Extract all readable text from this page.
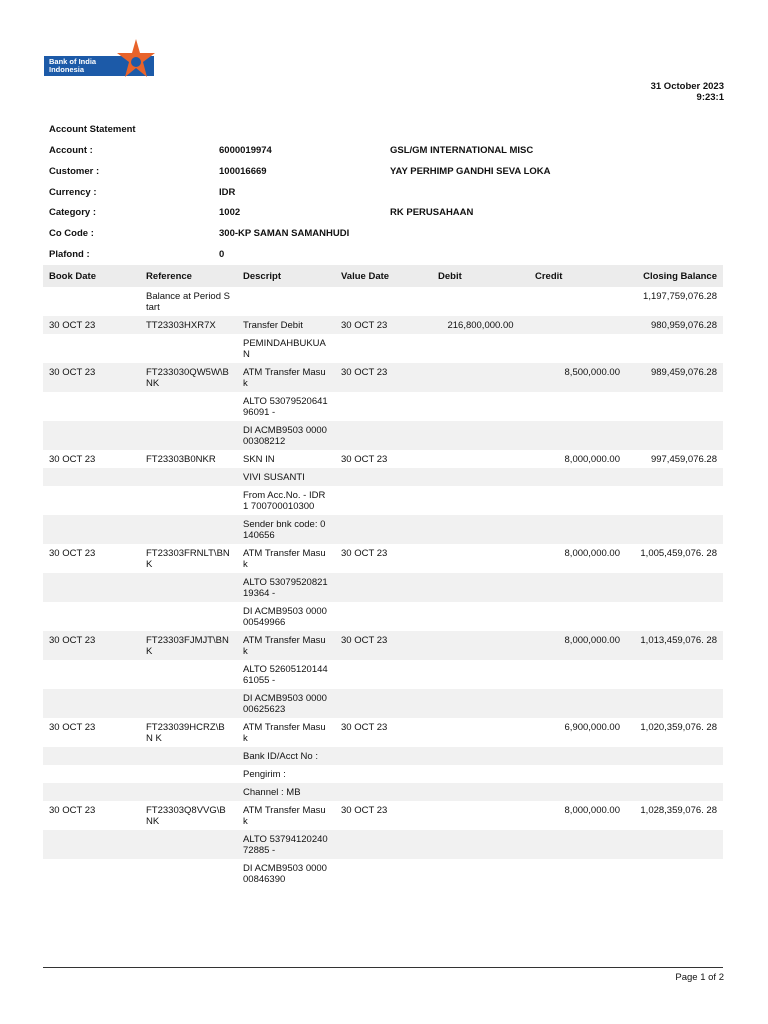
Bank of India
Indonesia
31 October 2023
9:23:1
Account Statement
Account :	6000019974	GSL/GM INTERNATIONAL MISC
Customer :	100016669	YAY PERHIMP GANDHI SEVA LOKA
Currency :	IDR
Category :	1002	RK PERUSAHAAN
Co Code :	300-KP SAMAN SAMANHUDI
Plafond :	0
Book Date	Reference	Descript	Value Date	Debit	Credit	Closing Balance
	Balance at Period S tart					1,197,759,076.28
30 OCT 23	TT23303HXR7X	Transfer Debit	30 OCT 23	216,800,000.00		980,959,076.28
		PEMINDAHBUKUA N				
30 OCT 23	FT233030QW5W\B NK	ATM Transfer Masuk	30 OCT 23		8,500,000.00	989,459,076.28
		ALTO 53079520641 96091 -				
		DI ACMB9503 0000 00308212				
30 OCT 23	FT23303B0NKR	SKN IN	30 OCT 23		8,000,000.00	997,459,076.28
		VIVI SUSANTI				
		From Acc.No. - IDR1 700700010300				
		Sender bnk code: 0 140656				
30 OCT 23	FT23303FRNLT\BN K	ATM Transfer Masuk	30 OCT 23		8,000,000.00	1,005,459,076. 28
		ALTO 53079520821 19364 -				
		DI ACMB9503 0000 00549966				
30 OCT 23	FT23303FJMJT\BNK	ATM Transfer Masuk	30 OCT 23		8,000,000.00	1,013,459,076. 28
		ALTO 52605120144 61055 -				
		DI ACMB9503 0000 00625623				
30 OCT 23	FT233039HCRZ\BN K	ATM Transfer Masuk	30 OCT 23		6,900,000.00	1,020,359,076. 28
		Bank ID/Acct No :				
		Pengirim :				
		Channel : MB				
30 OCT 23	FT23303Q8VVG\B NK	ATM Transfer Masuk	30 OCT 23		8,000,000.00	1,028,359,076. 28
		ALTO 53794120240 72885 -				
		DI ACMB9503 0000 00846390				
Page 1 of 2
